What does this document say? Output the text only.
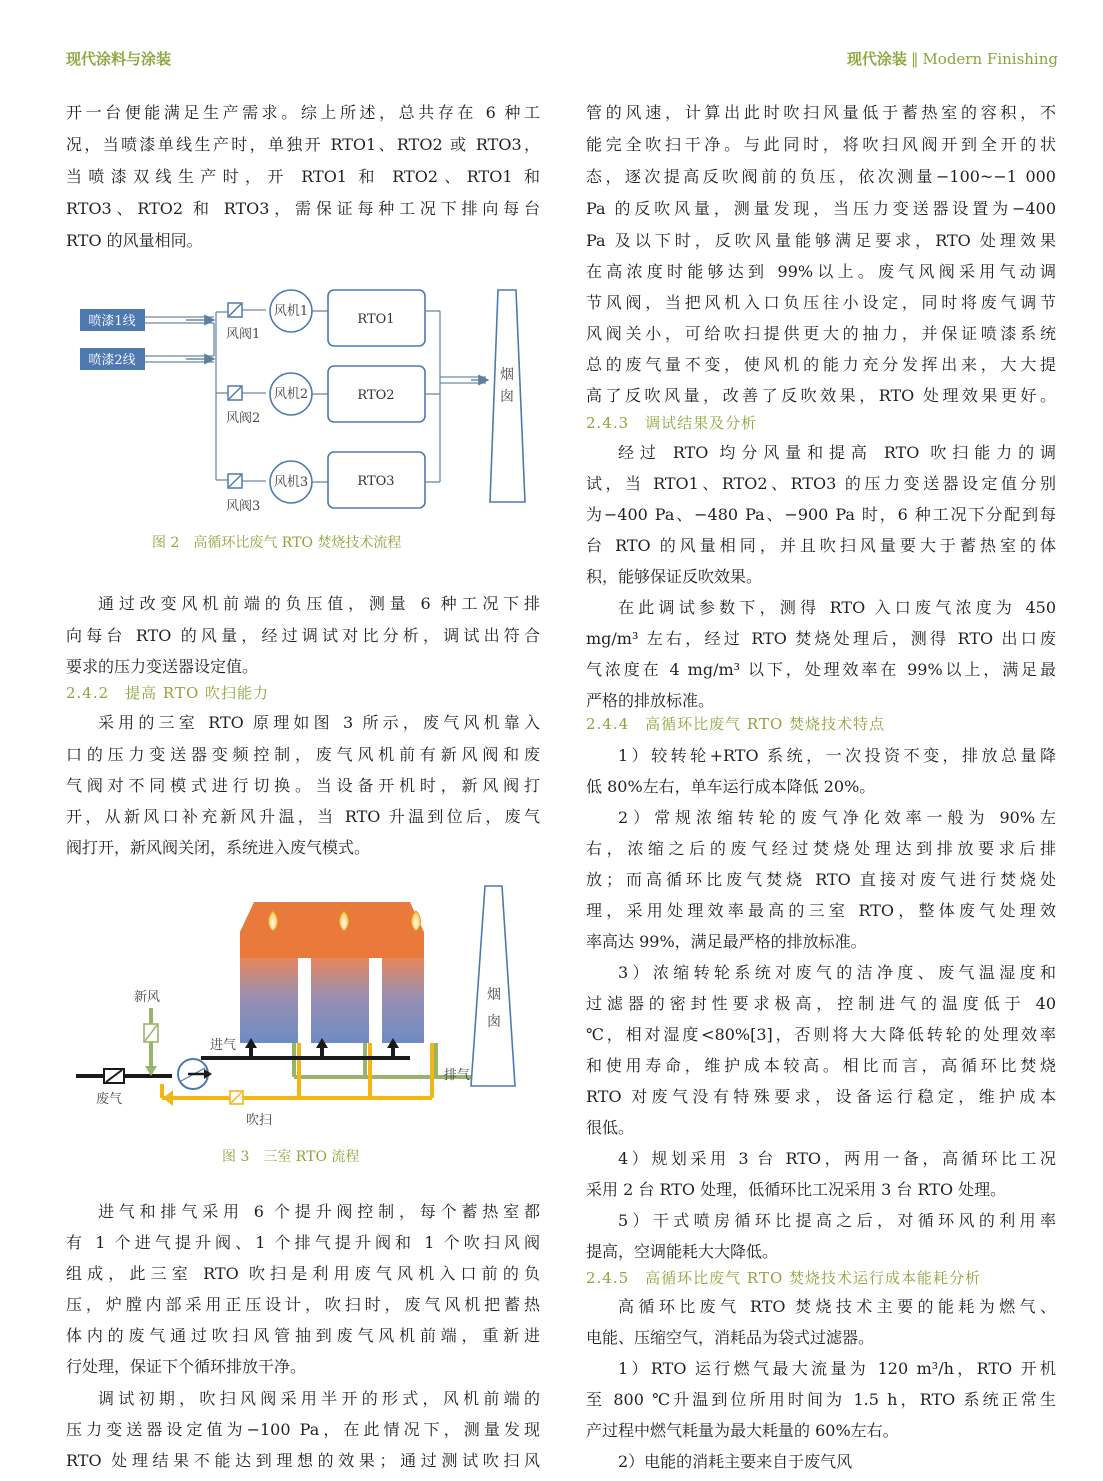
现代涂料与涂装	现代涂装 ‖ Modern Finishing
开一台便能满足生产需求。综上所述，总共存在 6 种工
况，当喷漆单线生产时，单独开 RTO1、RTO2 或 RTO3，
当喷漆双线生产时，开 RTO1 和 RTO2、RTO1 和
RTO3、RTO2 和 RTO3，需保证每种工况下排向每台
RTO 的风量相同。
通过改变风机前端的负压值，测量 6 种工况下排
向每台 RTO 的风量，经过调试对比分析，调试出符合
要求的压力变送器设定值。
2.4.2　提高 RTO 吹扫能力
采用的三室 RTO 原理如图 3 所示，废气风机靠入
口的压力变送器变频控制，废气风机前有新风阀和废
气阀对不同模式进行切换。当设备开机时，新风阀打
开，从新风口补充新风升温，当 RTO 升温到位后，废气
阀打开，新风阀关闭，系统进入废气模式。
进气和排气采用 6 个提升阀控制，每个蓄热室都
有 1 个进气提升阀、1 个排气提升阀和 1 个吹扫风阀
组成，此三室 RTO 吹扫是利用废气风机入口前的负
压，炉膛内部采用正压设计，吹扫时，废气风机把蓄热
体内的废气通过吹扫风管抽到废气风机前端，重新进
行处理，保证下个循环排放干净。
调试初期，吹扫风阀采用半开的形式，风机前端的
压力变送器设定值为−100 Pa，在此情况下，测量发现
RTO 处理结果不能达到理想的效果；通过测试吹扫风
喷漆1线
喷漆2线
风阀1
风机1
RTO1
风阀2
风机2	RTO2
风阀3
风机3	RTO3
烟
囱
图 2　高循环比废气 RTO 焚烧技术流程
烟
囱
排气
吹扫
进气
新风
废气
图 3　三室 RTO 流程
管的风速，计算出此时吹扫风量低于蓄热室的容积，不
能完全吹扫干净。与此同时，将吹扫风阀开到全开的状
态，逐次提高反吹阀前的负压，依次测量−100~−1 000
Pa 的反吹风量，测量发现，当压力变送器设置为−400
Pa 及以下时，反吹风量能够满足要求，RTO 处理效果
在高浓度时能够达到 99%以上。废气风阀采用气动调
节风阀，当把风机入口负压往小设定，同时将废气调节
风阀关小，可给吹扫提供更大的抽力，并保证喷漆系统
总的废气量不变，使风机的能力充分发挥出来，大大提
高了反吹风量，改善了反吹效果，RTO 处理效果更好。
2.4.3　调试结果及分析
经过 RTO 均分风量和提高 RTO 吹扫能力的调
试，当 RTO1、RTO2、RTO3 的压力变送器设定值分别
为−400 Pa、−480 Pa、−900 Pa 时，6 种工况下分配到每
台 RTO 的风量相同，并且吹扫风量要大于蓄热室的体
积，能够保证反吹效果。
在此调试参数下，测得 RTO 入口废气浓度为 450
mg/m³ 左右，经过 RTO 焚烧处理后，测得 RTO 出口废
气浓度在 4 mg/m³ 以下，处理效率在 99%以上，满足最
严格的排放标准。
2.4.4　高循环比废气 RTO 焚烧技术特点
1）较转轮+RTO 系统，一次投资不变，排放总量降
低 80%左右，单车运行成本降低 20%。
2）常规浓缩转轮的废气净化效率一般为 90%左
右，浓缩之后的废气经过焚烧处理达到排放要求后排
放；而高循环比废气焚烧 RTO 直接对废气进行焚烧处
理，采用处理效率最高的三室 RTO，整体废气处理效
率高达 99%，满足最严格的排放标准。
3）浓缩转轮系统对废气的洁净度、废气温湿度和
过滤器的密封性要求极高，控制进气的温度低于 40
℃，相对湿度<80%[3]，否则将大大降低转轮的处理效率
和使用寿命，维护成本较高。相比而言，高循环比焚烧
RTO 对废气没有特殊要求，设备运行稳定，维护成本
很低。
4）规划采用 3 台 RTO，两用一备，高循环比工况
采用 2 台 RTO 处理，低循环比工况采用 3 台 RTO 处理。
5）干式喷房循环比提高之后，对循环风的利用率
提高，空调能耗大大降低。
2.4.5　高循环比废气 RTO 焚烧技术运行成本能耗分析
高循环比废气 RTO 焚烧技术主要的能耗为燃气、
电能、压缩空气，消耗品为袋式过滤器。
1）RTO 运行燃气最大流量为 120 m³/h，RTO 开机
至 800 ℃升温到位所用时间为 1.5 h，RTO 系统正常生
产过程中燃气耗量为最大耗量的 60%左右。
2）电能的消耗主要来自于废气风
